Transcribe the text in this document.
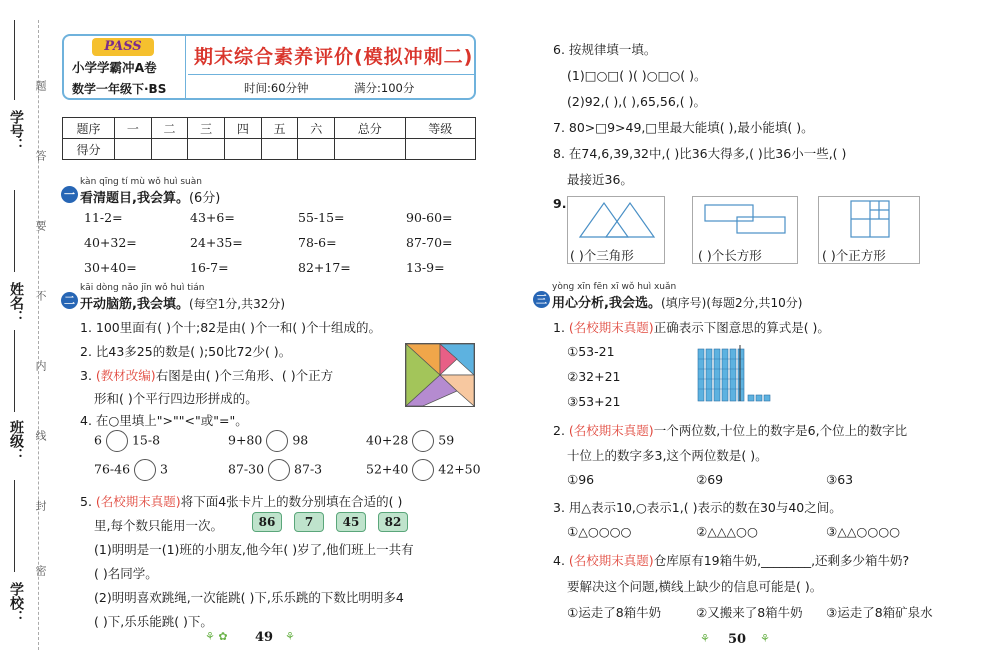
学号：
姓名：
班级：
学校：
题
答
要
不
内
线
封
密
PASS
小学学霸冲A卷
数学一年级下·BS
期末综合素养评价(模拟冲刺二)
时间:60分钟	满分:100分
题序	一	二	三	四	五	六	总分	等级
得分								
kàn qīng tí mù wǒ huì suàn
一 看清题目,我会算。(6分)
11-2=	43+6=	55-15=	90-60=
40+32=	24+35=	78-6=	87-70=
30+40=	16-7=	82+17=	13-9=
kāi dòng nǎo jīn wǒ huì tián
二 开动脑筋,我会填。(每空1分,共32分)
1. 100里面有( )个十;82是由( )个一和( )个十组成的。
2. 比43多25的数是( );50比72少( )。
3. (教材改编)右图是由( )个三角形、( )个正方
形和( )个平行四边形拼成的。
4. 在○里填上">""<"或"="。
6 15-8	9+80 98	40+28 59
76-46 3	87-30 87-3	52+40 42+50
5. (名校期末真题)将下面4张卡片上的数分别填在合适的( )
里,每个数只能用一次。	86	7	45	82
(1)明明是一(1)班的小朋友,他今年( )岁了,他们班上一共有
( )名同学。
(2)明明喜欢跳绳,一次能跳( )下,乐乐跳的下数比明明多4
( )下,乐乐能跳( )下。
⚘ ✿ 49 ⚘
6. 按规律填一填。
(1)□○□( )( )○□○( )。
(2)92,( ),( ),65,56,( )。
7. 80>□9>49,□里最大能填( ),最小能填( )。
8. 在74,6,39,32中,( )比36大得多,( )比36小一些,( )
最接近36。
9.
( )个三角形	( )个长方形	( )个正方形
yòng xīn fēn xī wǒ huì xuǎn
三 用心分析,我会选。(填序号)(每题2分,共10分)
1. (名校期末真题)正确表示下图意思的算式是( )。
①53-21
②32+21
③53+21
2. (名校期末真题)一个两位数,十位上的数字是6,个位上的数字比
十位上的数字多3,这个两位数是( )。
①96	②69	③63
3. 用△表示10,○表示1,( )表示的数在30与40之间。
①△○○○○	②△△△○○	③△△○○○○
4. (名校期末真题)仓库原有19箱牛奶,________,还剩多少箱牛奶?
要解决这个问题,横线上缺少的信息可能是( )。
①运走了8箱牛奶	②又搬来了8箱牛奶 ③运走了8箱矿泉水
⚘ 50 ⚘
